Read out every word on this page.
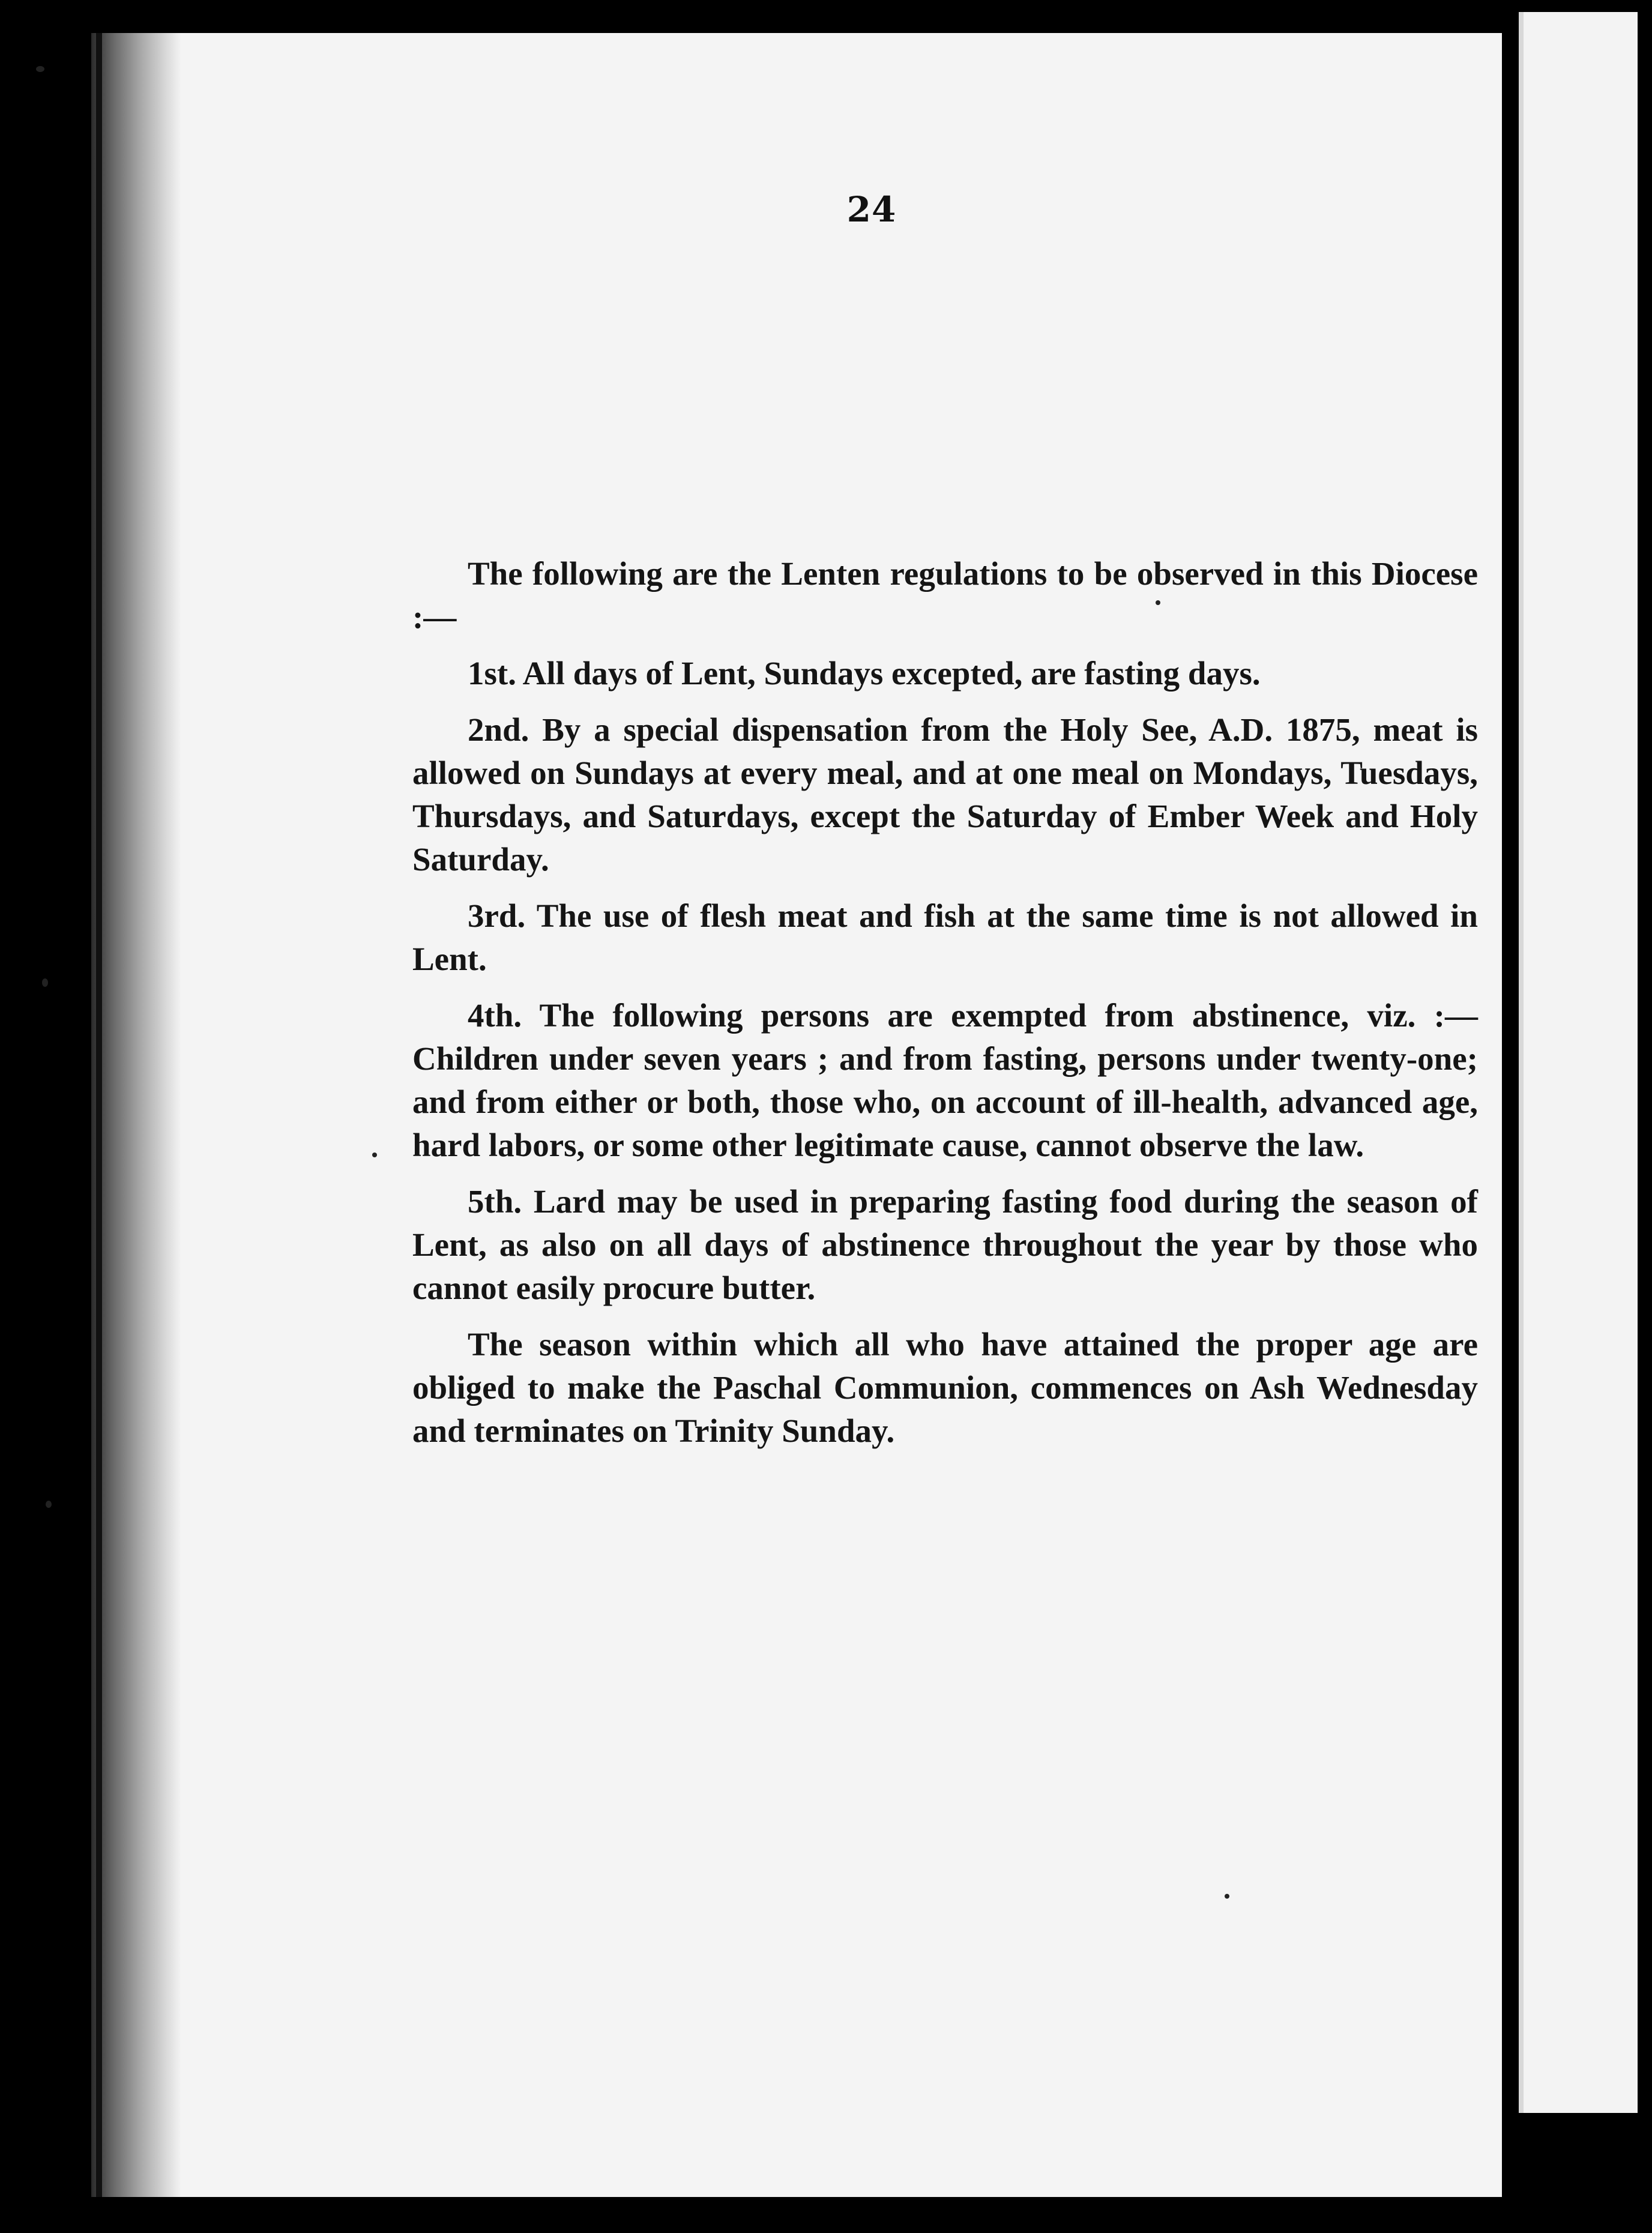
24

The following are the Lenten regulations to be observed in this Diocese :—

1st. All days of Lent, Sundays excepted, are fasting days.

2nd. By a special dispensation from the Holy See, A.D. 1875, meat is allowed on Sundays at every meal, and at one meal on Mondays, Tuesdays, Thursdays, and Saturdays, except the Saturday of Ember Week and Holy Saturday.

3rd. The use of flesh meat and fish at the same time is not allowed in Lent.

4th. The following persons are exempted from abstinence, viz. :—Children under seven years ; and from fasting, persons under twenty-one; and from either or both, those who, on account of ill-health, advanced age, hard labors, or some other legitimate cause, cannot observe the law.

5th. Lard may be used in preparing fasting food during the season of Lent, as also on all days of abstinence throughout the year by those who cannot easily procure butter.

The season within which all who have attained the proper age are obliged to make the Paschal Communion, commences on Ash Wednesday and terminates on Trinity Sunday.
